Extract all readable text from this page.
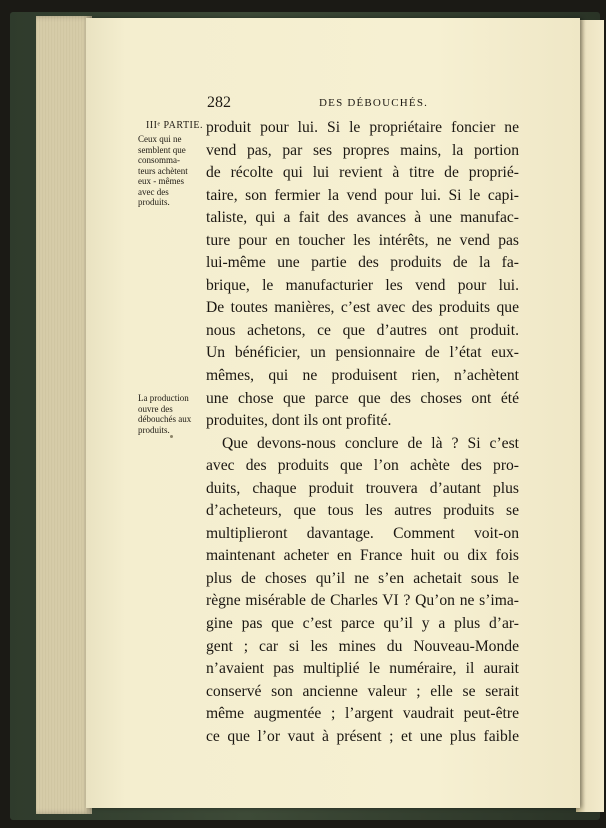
282	DES DÉBOUCHÉS.
IIIᵉ PARTIE.
Ceux qui ne
semblent que
consomma-
teurs achètent
eux - mêmes
avec des
produits.
La production
ouvre des
débouchés aux
produits.
produit pour lui. Si le propriétaire foncier ne
vend pas, par ses propres mains, la portion
de récolte qui lui revient à titre de proprié-
taire, son fermier la vend pour lui. Si le capi-
taliste, qui a fait des avances à une manufac-
ture pour en toucher les intérêts, ne vend pas
lui-même une partie des produits de la fa-
brique, le manufacturier les vend pour lui.
De toutes manières, c’est avec des produits que
nous achetons, ce que d’autres ont produit.
Un bénéficier, un pensionnaire de l’état eux-
mêmes, qui ne produisent rien, n’achètent
une chose que parce que des choses ont été
produites, dont ils ont profité.
Que devons-nous conclure de là ? Si c’est
avec des produits que l’on achète des pro-
duits, chaque produit trouvera d’autant plus
d’acheteurs, que tous les autres produits se
multiplieront davantage. Comment voit-on
maintenant acheter en France huit ou dix fois
plus de choses qu’il ne s’en achetait sous le
règne misérable de Charles VI ? Qu’on ne s’ima-
gine pas que c’est parce qu’il y a plus d’ar-
gent ; car si les mines du Nouveau-Monde
n’avaient pas multiplié le numéraire, il aurait
conservé son ancienne valeur ; elle se serait
même augmentée ; l’argent vaudrait peut-être
ce que l’or vaut à présent ; et une plus faible
